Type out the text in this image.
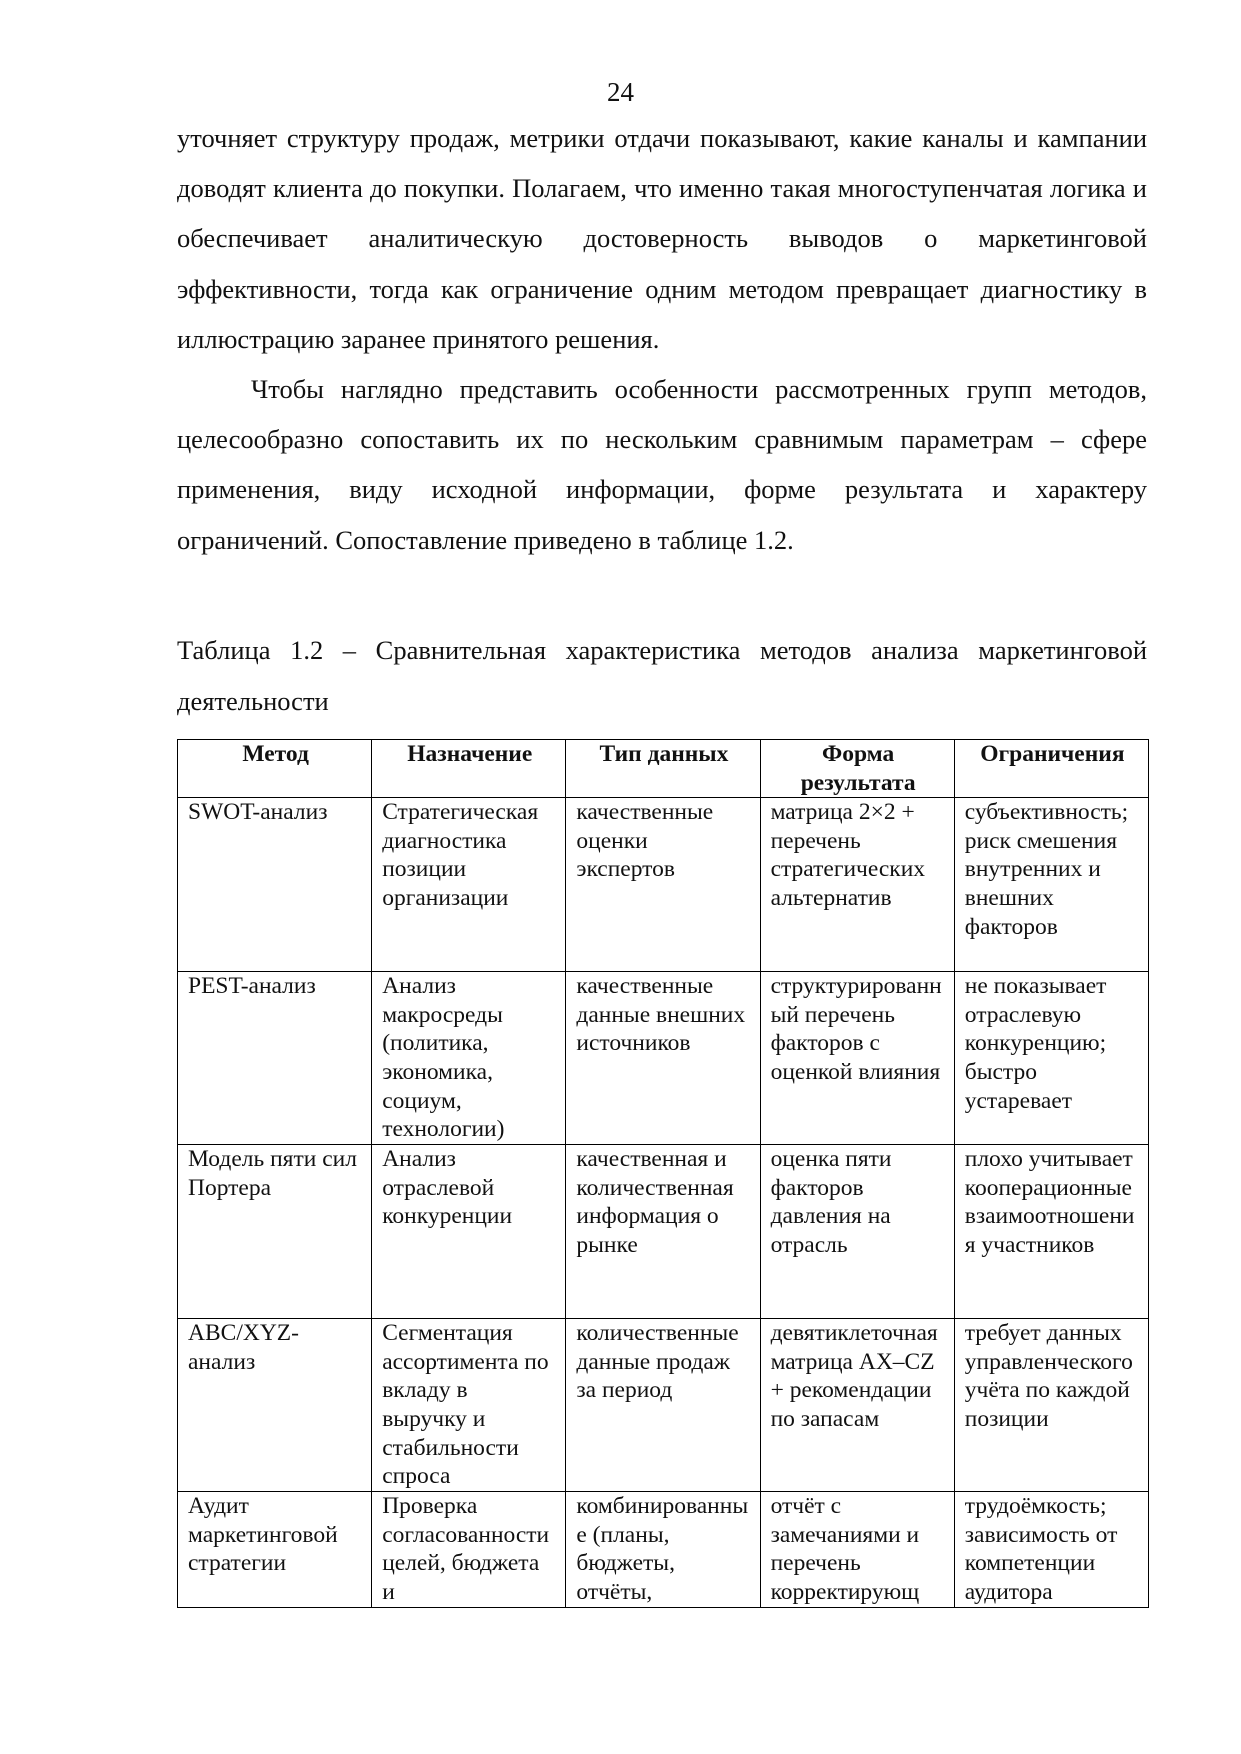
24

уточняет структуру продаж, метрики отдачи показывают, какие каналы и кампании доводят клиента до покупки. Полагаем, что именно такая многоступенчатая логика и обеспечивает аналитическую достоверность выводов о маркетинговой эффективности, тогда как ограничение одним методом превращает диагностику в иллюстрацию заранее принятого решения.

Чтобы наглядно представить особенности рассмотренных групп методов, целесообразно сопоставить их по нескольким сравнимым параметрам – сфере применения, виду исходной информации, форме результата и характеру ограничений. Сопоставление приведено в таблице 1.2.

Таблица 1.2 – Сравнительная характеристика методов анализа маркетинговой деятельности

Метод	Назначение	Тип данных	Форма результата	Ограничения
SWOT-анализ	Стратегическая диагностика позиции организации	качественные оценки экспертов	матрица 2×2 + перечень стратегических альтернатив	субъективность; риск смешения внутренних и внешних факторов
PEST-анализ	Анализ макросреды (политика, экономика, социум, технологии)	качественные данные внешних источников	структурированный перечень факторов с оценкой влияния	не показывает отраслевую конкуренцию; быстро устаревает
Модель пяти сил Портера	Анализ отраслевой конкуренции	качественная и количественная информация о рынке	оценка пяти факторов давления на отрасль	плохо учитывает кооперационные взаимоотношения участников
ABC/XYZ-анализ	Сегментация ассортимента по вкладу в выручку и стабильности спроса	количественные данные продаж за период	девятиклеточная матрица AX–CZ + рекомендации по запасам	требует данных управленческого учёта по каждой позиции
Аудит маркетинговой стратегии	Проверка согласованности целей, бюджета и	комбинированные (планы, бюджеты, отчёты,	отчёт с замечаниями и перечень корректирующ	трудоёмкость; зависимость от компетенции аудитора
